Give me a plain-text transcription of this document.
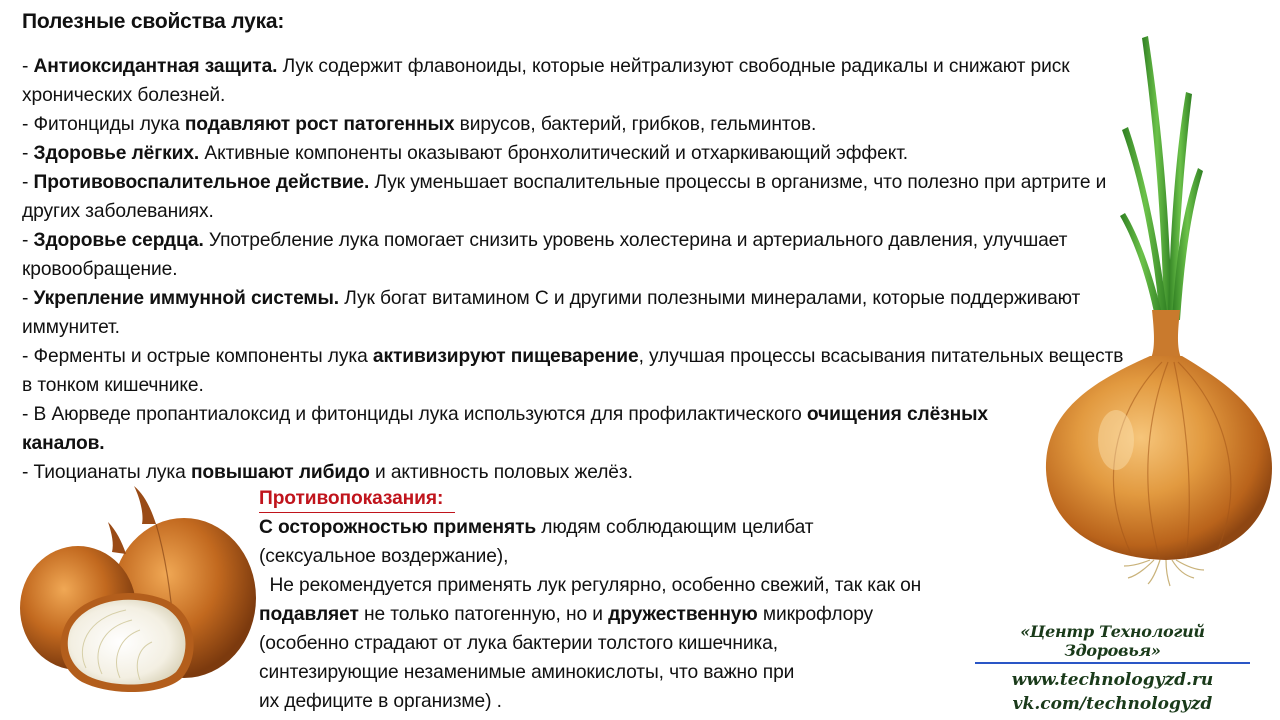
Полезные свойства лука:

- Антиоксидантная защита. Лук содержит флавоноиды, которые нейтрализуют свободные радикалы и снижают риск хронических болезней.

- Фитонциды лука подавляют рост патогенных вирусов, бактерий, грибков, гельминтов.

- Здоровье лёгких. Активные компоненты оказывают бронхолитический и отхаркивающий эффект.

- Противовоспалительное действие. Лук уменьшает воспалительные процессы в организме, что полезно при артрите и других заболеваниях.

- Здоровье сердца. Употребление лука помогает снизить уровень холестерина и артериального давления, улучшает кровообращение.

- Укрепление иммунной системы. Лук богат витамином С и другими полезными минералами, которые поддерживают иммунитет.

- Ферменты и острые компоненты лука активизируют пищеварение, улучшая процессы всасывания питательных веществ в тонком кишечнике.

- В Аюрведе пропантиалоксид и фитонциды лука используются для профилактического очищения слёзных каналов.

- Тиоцианаты лука повышают либидо и активность половых желёз.

Противопоказания:

С осторожностью применять людям соблюдающим целибат

(сексуальное воздержание),

Не рекомендуется применять лук регулярно, особенно свежий, так как он

подавляет не только патогенную, но и дружественную микрофлору

(особенно страдают от лука бактерии толстого кишечника,

синтезирующие незаменимые аминокислоты, что важно при

их дефиците в организме) .

«Центр Технологий Здоровья»
www.technologyzd.ru
vk.com/technologyzd
